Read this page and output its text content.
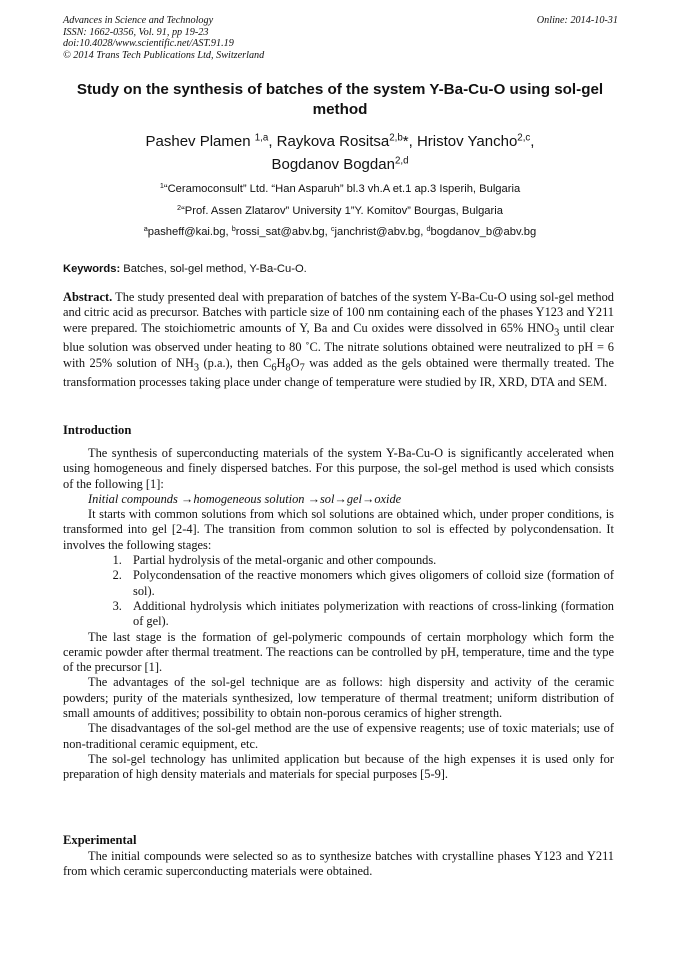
Advances in Science and Technology
ISSN: 1662-0356, Vol. 91, pp 19-23
doi:10.4028/www.scientific.net/AST.91.19
© 2014 Trans Tech Publications Ltd, Switzerland
Online: 2014-10-31
Study on the synthesis of batches of the system Y-Ba-Cu-O using sol-gel method
Pashev Plamen $^{1,a}$, Raykova Rositsa$^{2,b}$*, Hristov Yancho$^{2,c}$,
Bogdanov Bogdan$^{2,d}$
$^1$“Ceramoconsult” Ltd. “Han Asparuh” bl.3 vh.A et.1 ap.3 Isperih, Bulgaria
$^2$“Prof. Assen Zlatarov” University 1”Y. Komitov” Bourgas, Bulgaria
$^a$pasheff@kai.bg, $^b$rossi_sat@abv.bg, $^c$janchrist@abv.bg, $^d$bogdanov_b@abv.bg
Keywords: Batches, sol-gel method, Y-Ba-Cu-O.

Abstract. The study presented deal with preparation of batches of the system Y-Ba-Cu-O using sol-gel method and citric acid as precursor. Batches with particle size of 100 nm containing each of the phases Y123 and Y211 were prepared. The stoichiometric amounts of Y, Ba and Cu oxides were dissolved in 65% $HNO_3$ until clear blue solution was observed under heating to 80 ˚C. The nitrate solutions obtained were neutralized to pH = 6 with 25% solution of $NH_3$ (p.a.), then $C_6H_8O_7$ was added as the gels obtained were thermally treated. The transformation processes taking place under change of temperature were studied by IR, XRD, DTA and SEM.

Introduction

The synthesis of superconducting materials of the system Y-Ba-Cu-O is significantly accelerated when using homogeneous and finely dispersed batches. For this purpose, the sol-gel method is used which consists of the following [1]:

Initial compounds →homogeneous solution →sol→gel→oxide

It starts with common solutions from which sol solutions are obtained which, under proper conditions, is transformed into gel [2-4]. The transition from common solution to sol is effected by polycondensation. It involves the following stages:

1. Partial hydrolysis of the metal-organic and other compounds.
2. Polycondensation of the reactive monomers which gives oligomers of colloid size (formation of sol).
3. Additional hydrolysis which initiates polymerization with reactions of cross-linking (formation of gel).

The last stage is the formation of gel-polymeric compounds of certain morphology which form the ceramic powder after thermal treatment. The reactions can be controlled by pH, temperature, time and the type of the precursor [1].

The advantages of the sol-gel technique are as follows: high dispersity and activity of the ceramic powders; purity of the materials synthesized, low temperature of thermal treatment; uniform distribution of small amounts of additives; possibility to obtain non-porous ceramics of higher strength.

The disadvantages of the sol-gel method are the use of expensive reagents; use of toxic materials; use of non-traditional ceramic equipment, etc.

The sol-gel technology has unlimited application but because of the high expenses it is used only for preparation of high density materials and materials for special purposes [5-9].

Experimental

The initial compounds were selected so as to synthesize batches with crystalline phases Y123 and Y211 from which ceramic superconducting materials were obtained.
